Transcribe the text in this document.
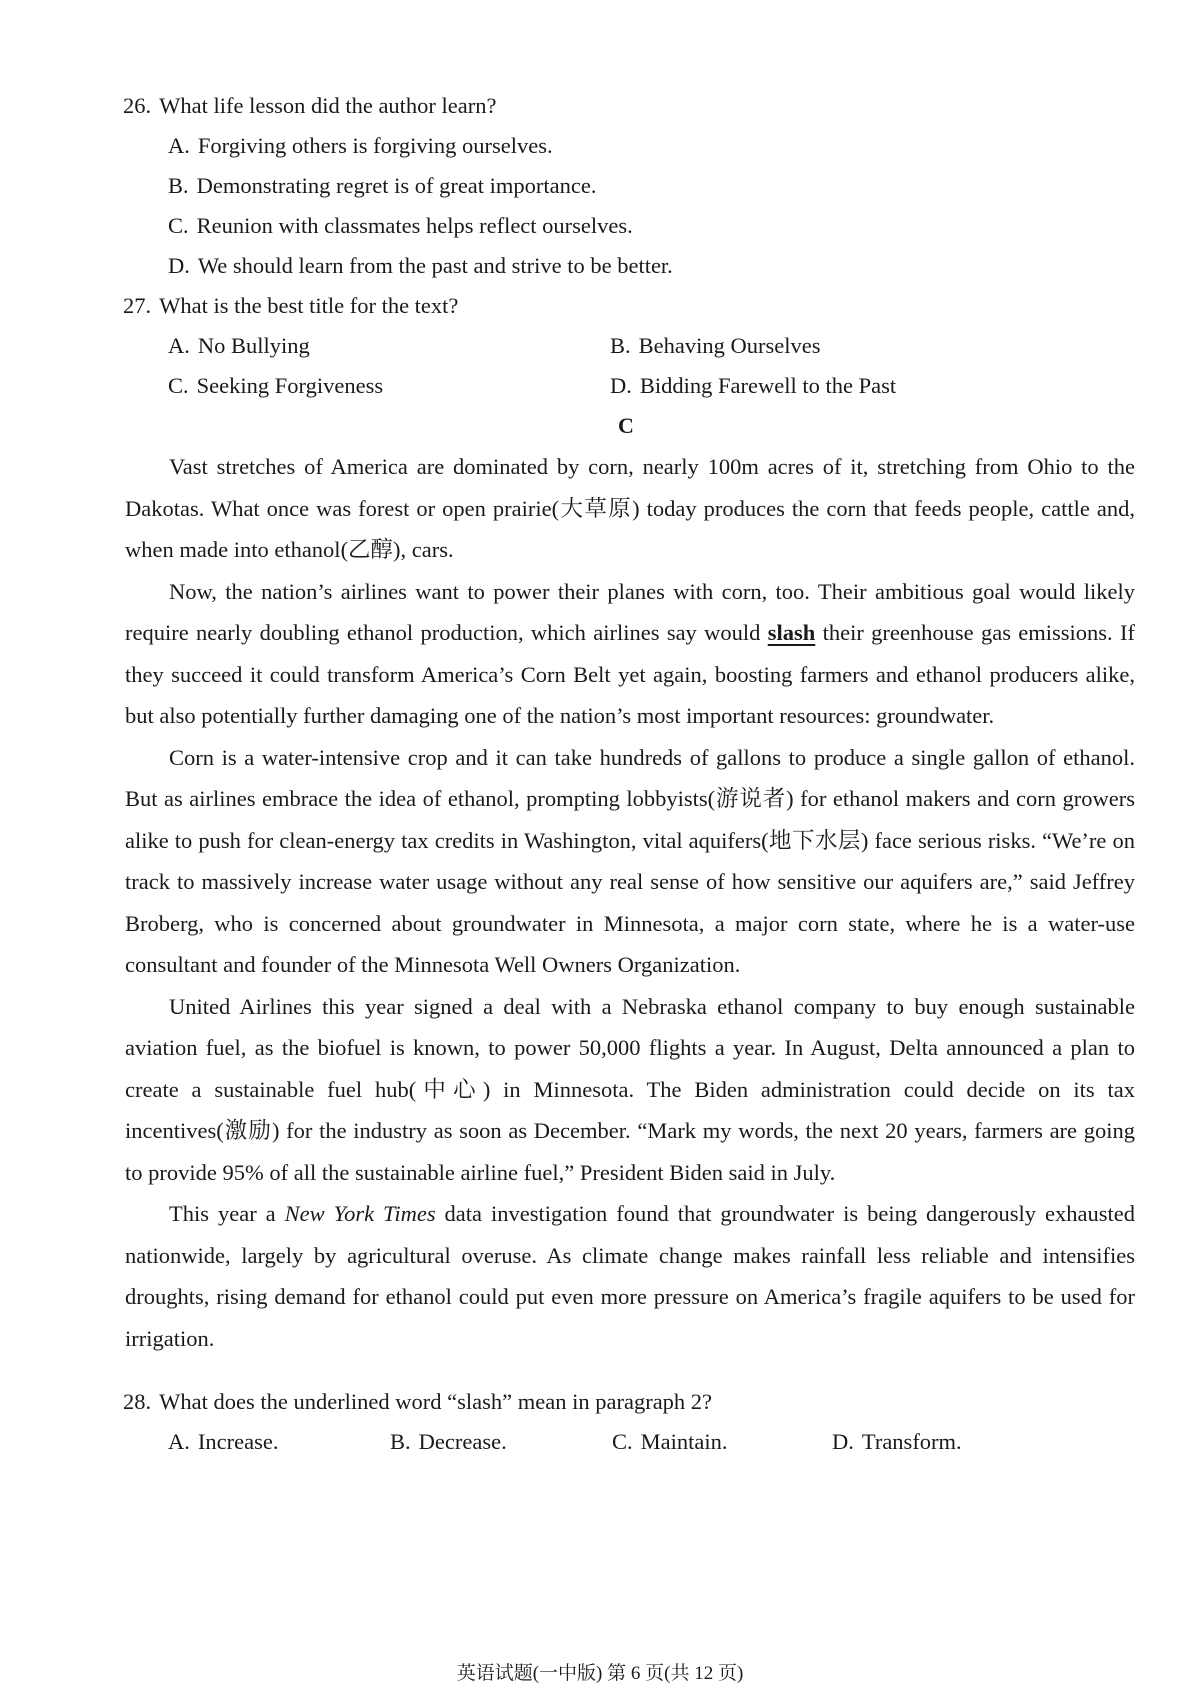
26. What life lesson did the author learn?
A. Forgiving others is forgiving ourselves.
B. Demonstrating regret is of great importance.
C. Reunion with classmates helps reflect ourselves.
D. We should learn from the past and strive to be better.
27. What is the best title for the text?
A. No Bullying	B. Behaving Ourselves
C. Seeking Forgiveness	D. Bidding Farewell to the Past
C

Vast stretches of America are dominated by corn, nearly 100m acres of it, stretching from Ohio to the Dakotas. What once was forest or open prairie(大草原) today produces the corn that feeds people, cattle and, when made into ethanol(乙醇), cars.

Now, the nation’s airlines want to power their planes with corn, too. Their ambitious goal would likely require nearly doubling ethanol production, which airlines say would slash their greenhouse gas emissions. If they succeed it could transform America’s Corn Belt yet again, boosting farmers and ethanol producers alike, but also potentially further damaging one of the nation’s most important resources: groundwater.

Corn is a water-intensive crop and it can take hundreds of gallons to produce a single gallon of ethanol. But as airlines embrace the idea of ethanol, prompting lobbyists(游说者) for ethanol makers and corn growers alike to push for clean-energy tax credits in Washington, vital aquifers(地下水层) face serious risks. “We’re on track to massively increase water usage without any real sense of how sensitive our aquifers are,” said Jeffrey Broberg, who is concerned about groundwater in Minnesota, a major corn state, where he is a water-use consultant and founder of the Minnesota Well Owners Organization.

United Airlines this year signed a deal with a Nebraska ethanol company to buy enough sustainable aviation fuel, as the biofuel is known, to power 50,000 flights a year. In August, Delta announced a plan to create a sustainable fuel hub(中心) in Minnesota. The Biden administration could decide on its tax incentives(激励) for the industry as soon as December. “Mark my words, the next 20 years, farmers are going to provide 95% of all the sustainable airline fuel,” President Biden said in July.

This year a New York Times data investigation found that groundwater is being dangerously exhausted nationwide, largely by agricultural overuse. As climate change makes rainfall less reliable and intensifies droughts, rising demand for ethanol could put even more pressure on America’s fragile aquifers to be used for irrigation.

28. What does the underlined word “slash” mean in paragraph 2?
A. Increase.	B. Decrease.	C. Maintain.	D. Transform.
英语试题(一中版) 第 6 页(共 12 页)
